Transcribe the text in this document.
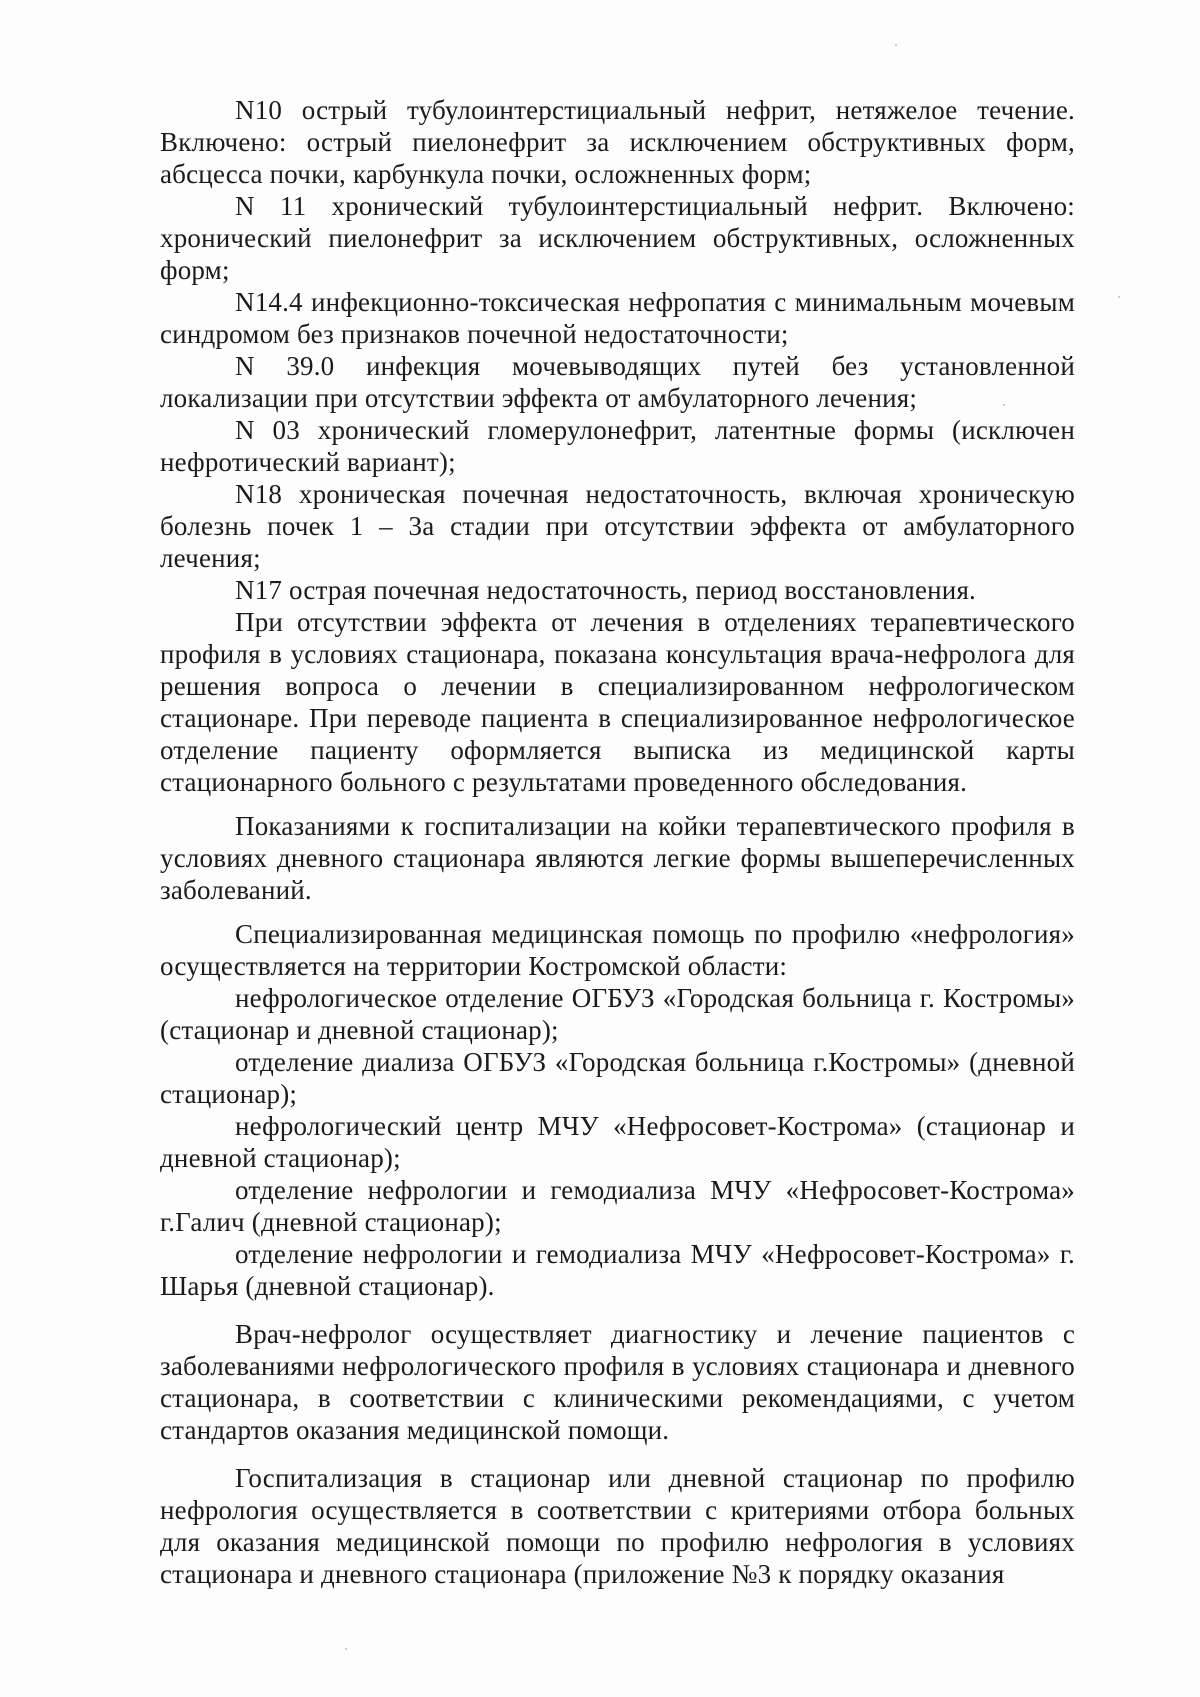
N10 острый тубулоинтерстициальный нефрит, нетяжелое течение. Включено: острый пиелонефрит за исключением обструктивных форм, абсцесса почки, карбункула почки, осложненных форм;

N 11 хронический тубулоинтерстициальный нефрит. Включено: хронический пиелонефрит за исключением обструктивных, осложненных форм;

N14.4 инфекционно-токсическая нефропатия с минимальным мочевым синдромом без признаков почечной недостаточности;

N 39.0 инфекция мочевыводящих путей без установленной локализации при отсутствии эффекта от амбулаторного лечения;

N 03 хронический гломерулонефрит, латентные формы (исключен нефротический вариант);

N18 хроническая почечная недостаточность, включая хроническую болезнь почек 1 – 3а стадии при отсутствии эффекта от амбулаторного лечения;

N17 острая почечная недостаточность, период восстановления.

При отсутствии эффекта от лечения в отделениях терапевтического профиля в условиях стационара, показана консультация врача-нефролога для решения вопроса о лечении в специализированном нефрологическом стационаре. При переводе пациента в специализированное нефрологическое отделение пациенту оформляется выписка из медицинской карты стационарного больного с результатами проведенного обследования.

Показаниями к госпитализации на койки терапевтического профиля в условиях дневного стационара являются легкие формы вышеперечисленных заболеваний.

Специализированная медицинская помощь по профилю «нефрология» осуществляется на территории Костромской области:

нефрологическое отделение ОГБУЗ «Городская больница г. Костромы» (стационар и дневной стационар);

отделение диализа ОГБУЗ «Городская больница г.Костромы» (дневной стационар);

нефрологический центр МЧУ «Нефросовет-Кострома» (стационар и дневной стационар);

отделение нефрологии и гемодиализа МЧУ «Нефросовет-Кострома» г.Галич (дневной стационар);

отделение нефрологии и гемодиализа МЧУ «Нефросовет-Кострома» г. Шарья (дневной стационар).

Врач-нефролог осуществляет диагностику и лечение пациентов с заболеваниями нефрологического профиля в условиях стационара и дневного стационара, в соответствии с клиническими рекомендациями, с учетом стандартов оказания медицинской помощи.

Госпитализация в стационар или дневной стационар по профилю нефрология осуществляется в соответствии с критериями отбора больных для оказания медицинской помощи по профилю нефрология в условиях стационара и дневного стационара (приложение №3 к порядку оказания
